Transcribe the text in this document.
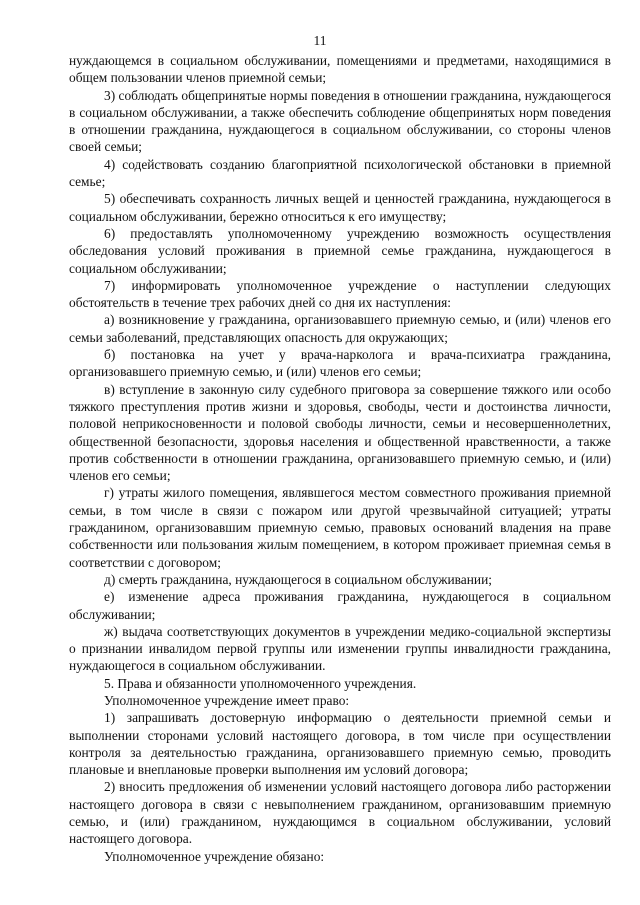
11

нуждающемся в социальном обслуживании, помещениями и предметами, находящимися в общем пользовании членов приемной семьи;

3) соблюдать общепринятые нормы поведения в отношении гражданина, нуждающегося в социальном обслуживании, а также обеспечить соблюдение общепринятых норм поведения в отношении гражданина, нуждающегося в социальном обслуживании, со стороны членов своей семьи;

4) содействовать созданию благоприятной психологической обстановки в приемной семье;

5) обеспечивать сохранность личных вещей и ценностей гражданина, нуждающегося в социальном обслуживании, бережно относиться к его имуществу;

6) предоставлять уполномоченному учреждению возможность осуществления обследования условий проживания в приемной семье гражданина, нуждающегося в социальном обслуживании;

7) информировать уполномоченное учреждение о наступлении следующих обстоятельств в течение трех рабочих дней со дня их наступления:

а) возникновение у гражданина, организовавшего приемную семью, и (или) членов его семьи заболеваний, представляющих опасность для окружающих;

б) постановка на учет у врача-нарколога и врача-психиатра гражданина, организовавшего приемную семью, и (или) членов его семьи;

в) вступление в законную силу судебного приговора за совершение тяжкого или особо тяжкого преступления против жизни и здоровья, свободы, чести и достоинства личности, половой неприкосновенности и половой свободы личности, семьи и несовершеннолетних, общественной безопасности, здоровья населения и общественной нравственности, а также против собственности в отношении гражданина, организовавшего приемную семью, и (или) членов его семьи;

г) утраты жилого помещения, являвшегося местом совместного проживания приемной семьи, в том числе в связи с пожаром или другой чрезвычайной ситуацией; утраты гражданином, организовавшим приемную семью, правовых оснований владения на праве собственности или пользования жилым помещением, в котором проживает приемная семья в соответствии с договором;

д) смерть гражданина, нуждающегося в социальном обслуживании;

е) изменение адреса проживания гражданина, нуждающегося в социальном обслуживании;

ж) выдача соответствующих документов в учреждении медико-социальной экспертизы о признании инвалидом первой группы или изменении группы инвалидности гражданина, нуждающегося в социальном обслуживании.

5. Права и обязанности уполномоченного учреждения.

Уполномоченное учреждение имеет право:

1) запрашивать достоверную информацию о деятельности приемной семьи и выполнении сторонами условий настоящего договора, в том числе при осуществлении контроля за деятельностью гражданина, организовавшего приемную семью, проводить плановые и внеплановые проверки выполнения им условий договора;

2) вносить предложения об изменении условий настоящего договора либо расторжении настоящего договора в связи с невыполнением гражданином, организовавшим приемную семью, и (или) гражданином, нуждающимся в социальном обслуживании, условий настоящего договора.

Уполномоченное учреждение обязано:
